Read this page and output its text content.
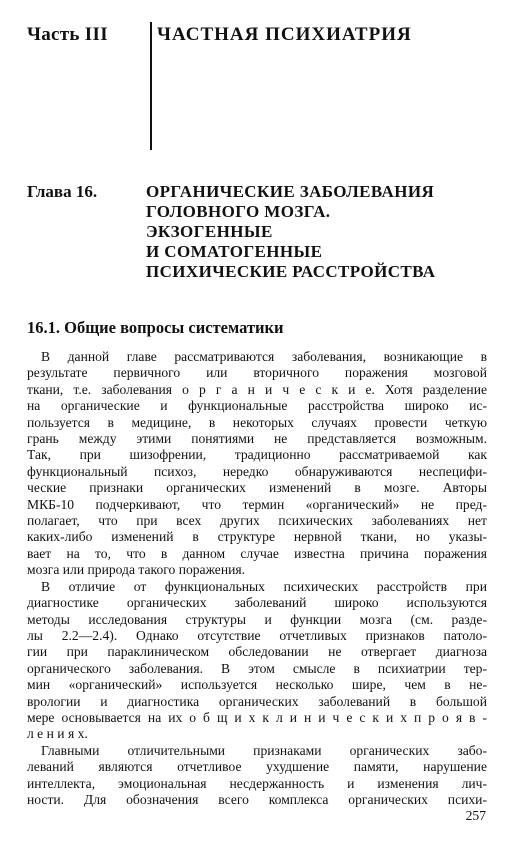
Часть III	ЧАСТНАЯ ПСИХИАТРИЯ
Глава 16.	ОРГАНИЧЕСКИЕ ЗАБОЛЕВАНИЯ
ГОЛОВНОГО МОЗГА.
ЭКЗОГЕННЫЕ
И СОМАТОГЕННЫЕ
ПСИХИЧЕСКИЕ РАССТРОЙСТВА
16.1. Общие вопросы систематики
В данной главе рассматриваются заболевания, возникающие в
результате первичного или вторичного поражения мозговой
ткани, т.е. заболевания о р г а н и ч е с к и е. Хотя разделение
на органические и функциональные расстройства широко ис-
пользуется в медицине, в некоторых случаях провести четкую
грань между этими понятиями не представляется возможным.
Так, при шизофрении, традиционно рассматриваемой как
функциональный психоз, нередко обнаруживаются неспецифи-
ческие признаки органических изменений в мозге. Авторы
МКБ-10 подчеркивают, что термин «органический» не пред-
полагает, что при всех других психических заболеваниях нет
каких-либо изменений в структуре нервной ткани, но указы-
вает на то, что в данном случае известна причина поражения
мозга или природа такого поражения.
В отличие от функциональных психических расстройств при
диагностике органических заболеваний широко используются
методы исследования структуры и функции мозга (см. разде-
лы 2.2—2.4). Однако отсутствие отчетливых признаков патоло-
гии при параклиническом обследовании не отвергает диагноза
органического заболевания. В этом смысле в психиатрии тер-
мин «органический» используется несколько шире, чем в не-
врологии и диагностика органических заболеваний в большой
мере основывается на их о б щ и х к л и н и ч е с к и х п р о я в -
л е н и я х.
Главными отличительными признаками органических забо-
леваний являются отчетливое ухудшение памяти, нарушение
интеллекта, эмоциональная несдержанность и изменения лич-
ности. Для обозначения всего комплекса органических психи-
257
